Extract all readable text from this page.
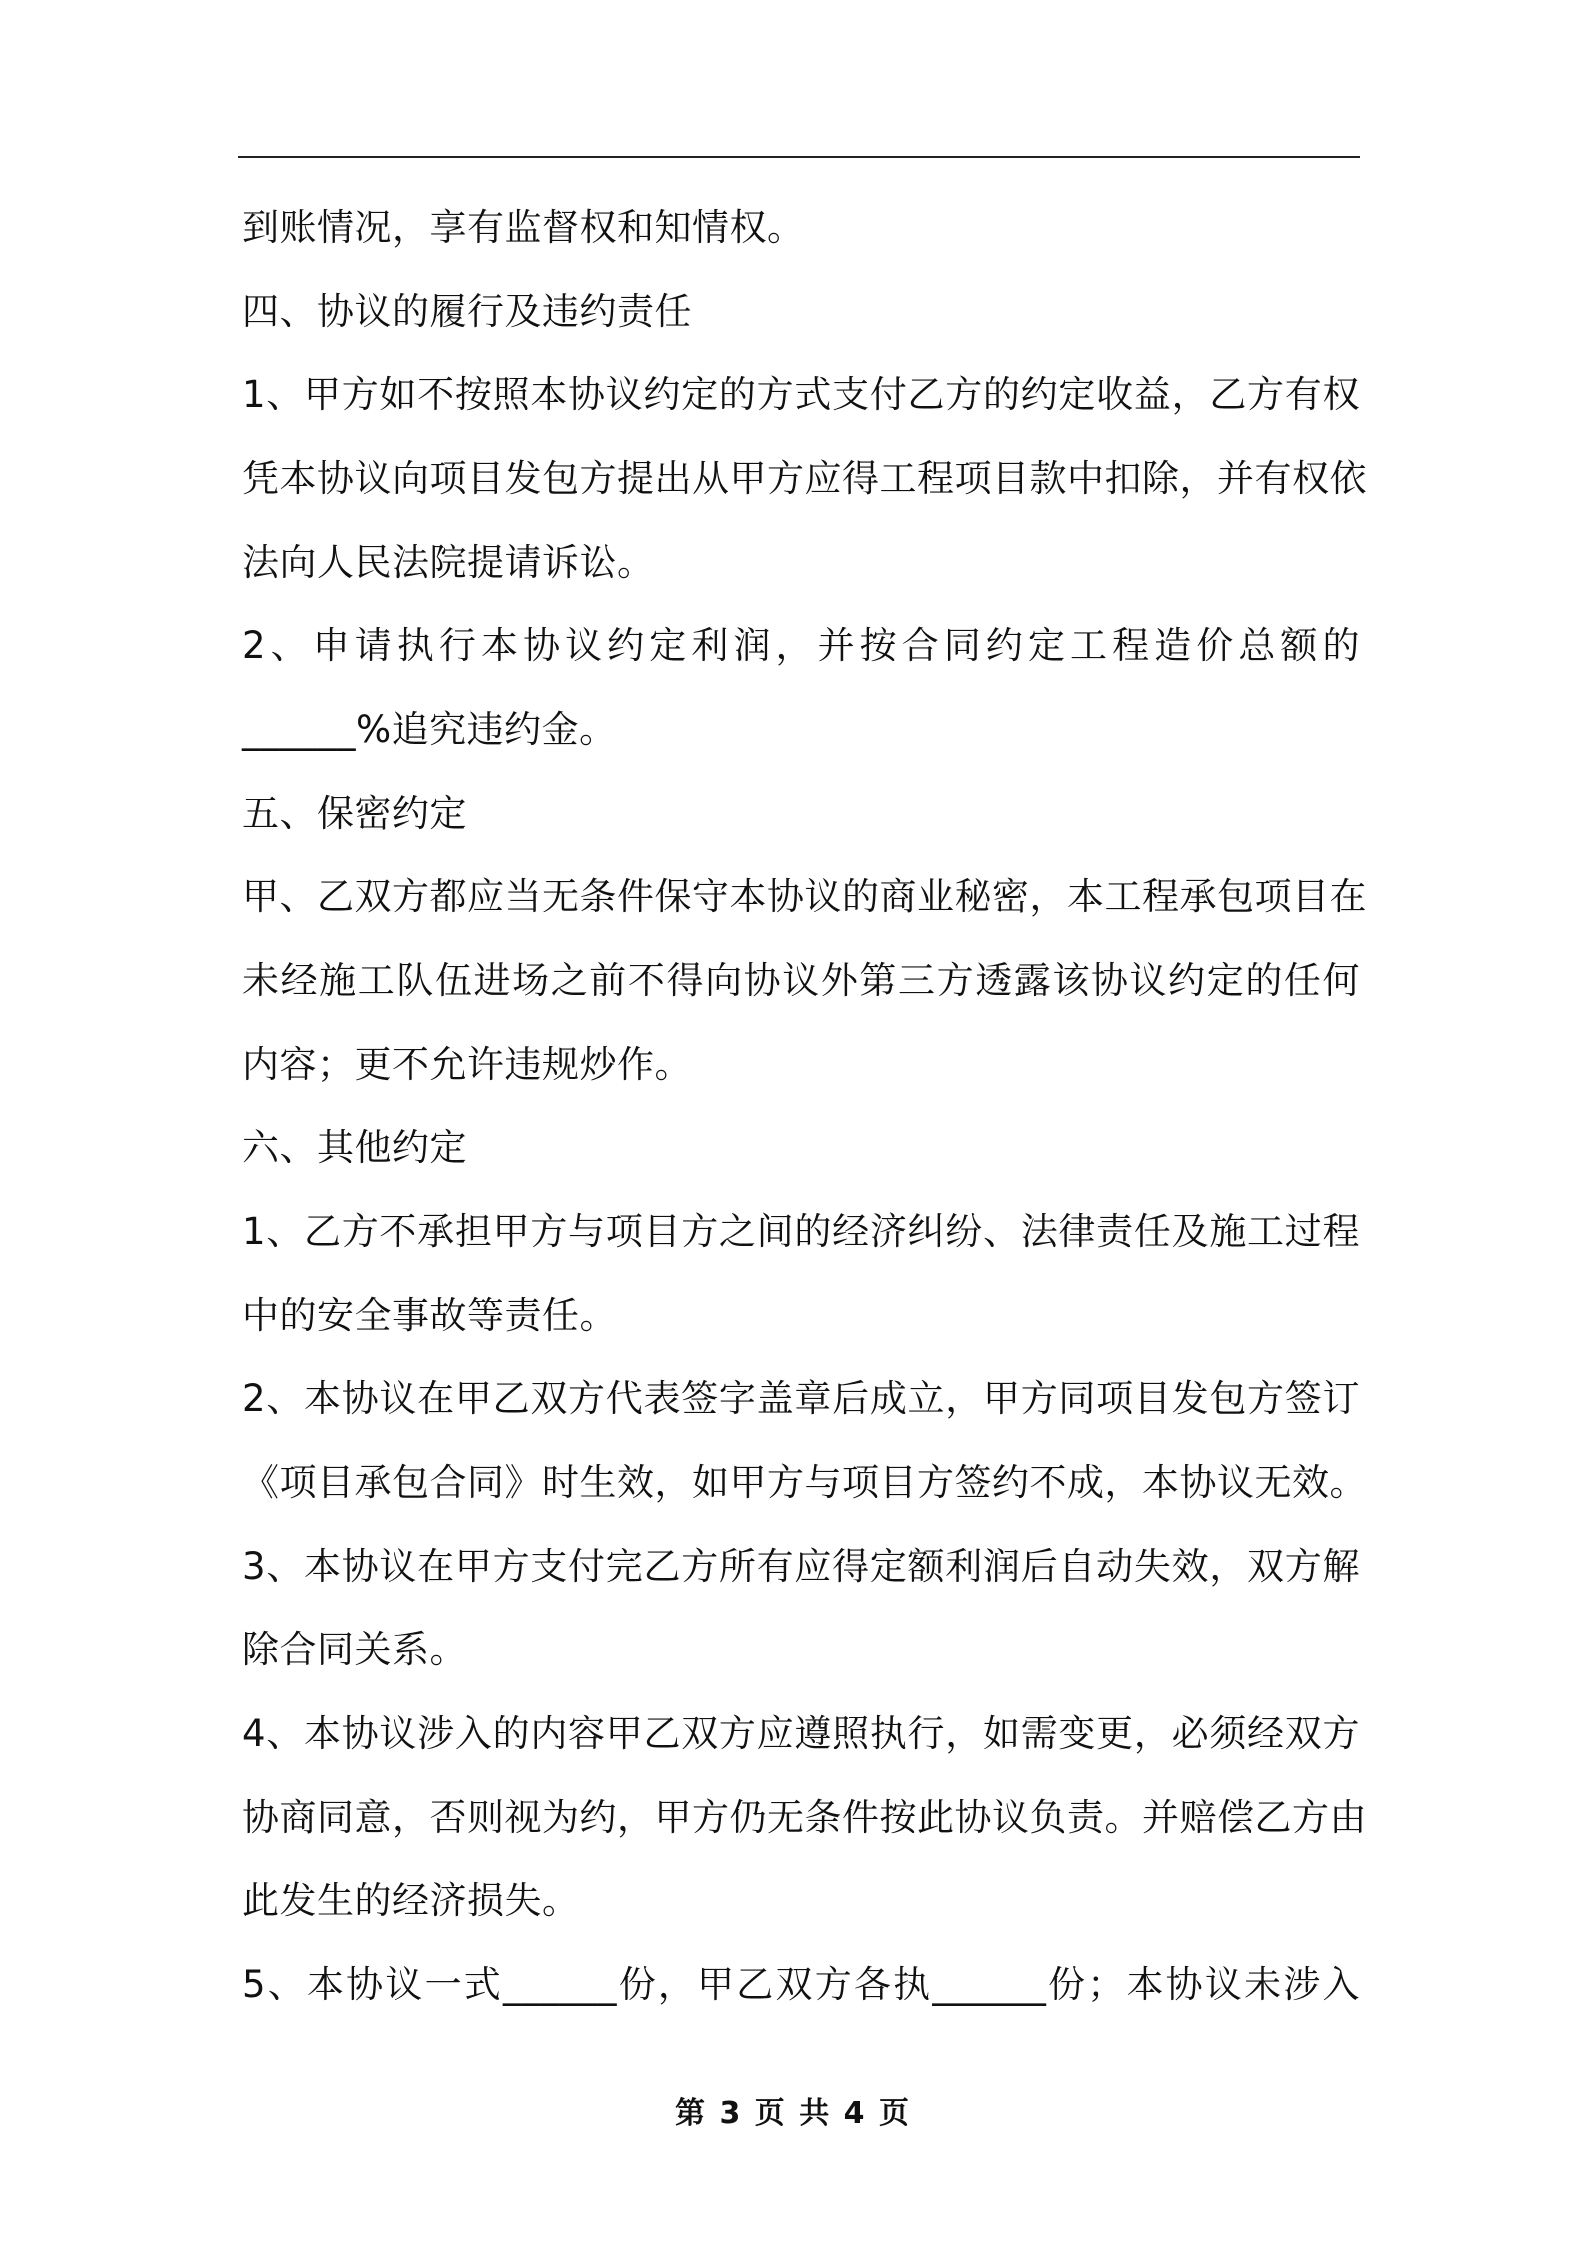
到账情况，享有监督权和知情权。
四、协议的履行及违约责任
1、甲方如不按照本协议约定的方式支付乙方的约定收益，乙方有权
凭本协议向项目发包方提出从甲方应得工程项目款中扣除，并有权依
法向人民法院提请诉讼。
2、申请执行本协议约定利润，并按合同约定工程造价总额的
______%追究违约金。
五、保密约定
甲、乙双方都应当无条件保守本协议的商业秘密，本工程承包项目在
未经施工队伍进场之前不得向协议外第三方透露该协议约定的任何
内容；更不允许违规炒作。
六、其他约定
1、乙方不承担甲方与项目方之间的经济纠纷、法律责任及施工过程
中的安全事故等责任。
2、本协议在甲乙双方代表签字盖章后成立，甲方同项目发包方签订
《项目承包合同》时生效，如甲方与项目方签约不成，本协议无效。
3、本协议在甲方支付完乙方所有应得定额利润后自动失效，双方解
除合同关系。
4、本协议涉入的内容甲乙双方应遵照执行，如需变更，必须经双方
协商同意，否则视为约，甲方仍无条件按此协议负责。并赔偿乙方由
此发生的经济损失。
5、本协议一式______份，甲乙双方各执______份；本协议未涉入
第 3 页 共 4 页
